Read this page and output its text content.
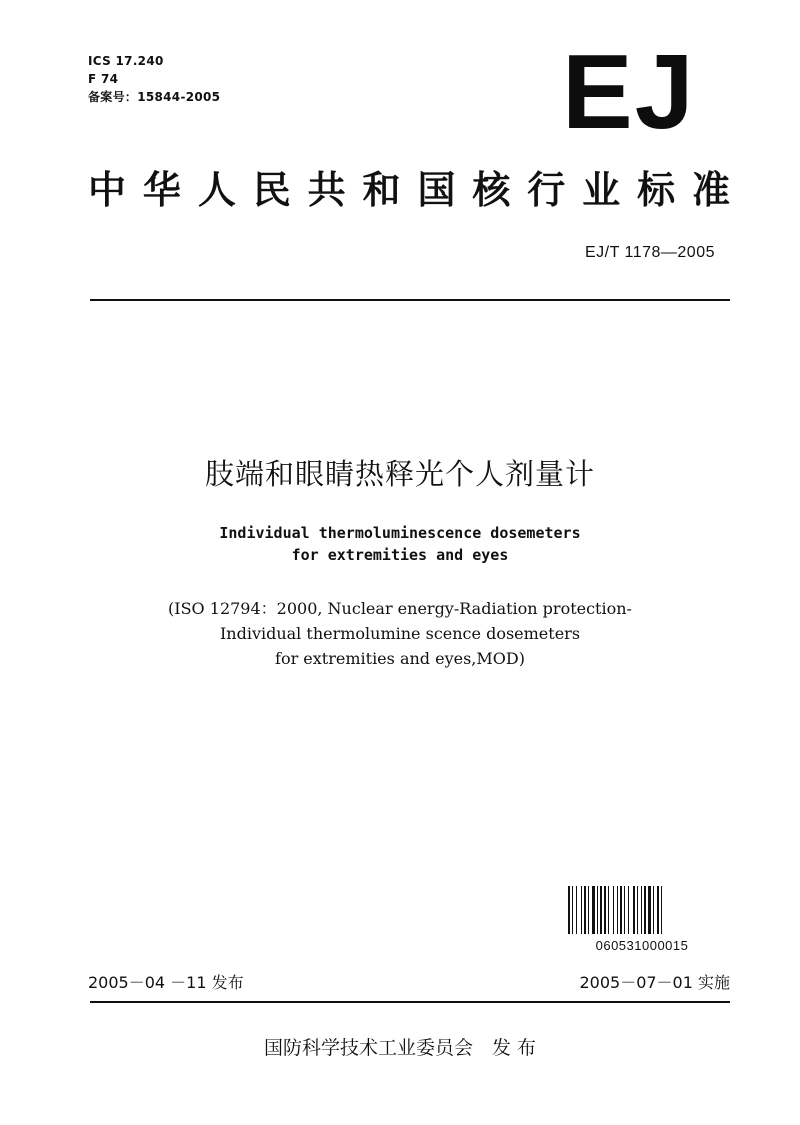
ICS 17.240
F 74
备案号：15844-2005	EJ
中 华 人 民 共 和 国 核 行 业 标 准
EJ/T 1178—2005
肢端和眼睛热释光个人剂量计
Individual thermoluminescence dosemeters
for extremities and eyes
(ISO 12794：2000, Nuclear energy-Radiation protection-
Individual thermolumine scence dosemeters
for extremities and eyes,MOD)
060531000015
2005－04 －11 发布	2005－07－01 实施
国防科学技术工业委员会　发 布
